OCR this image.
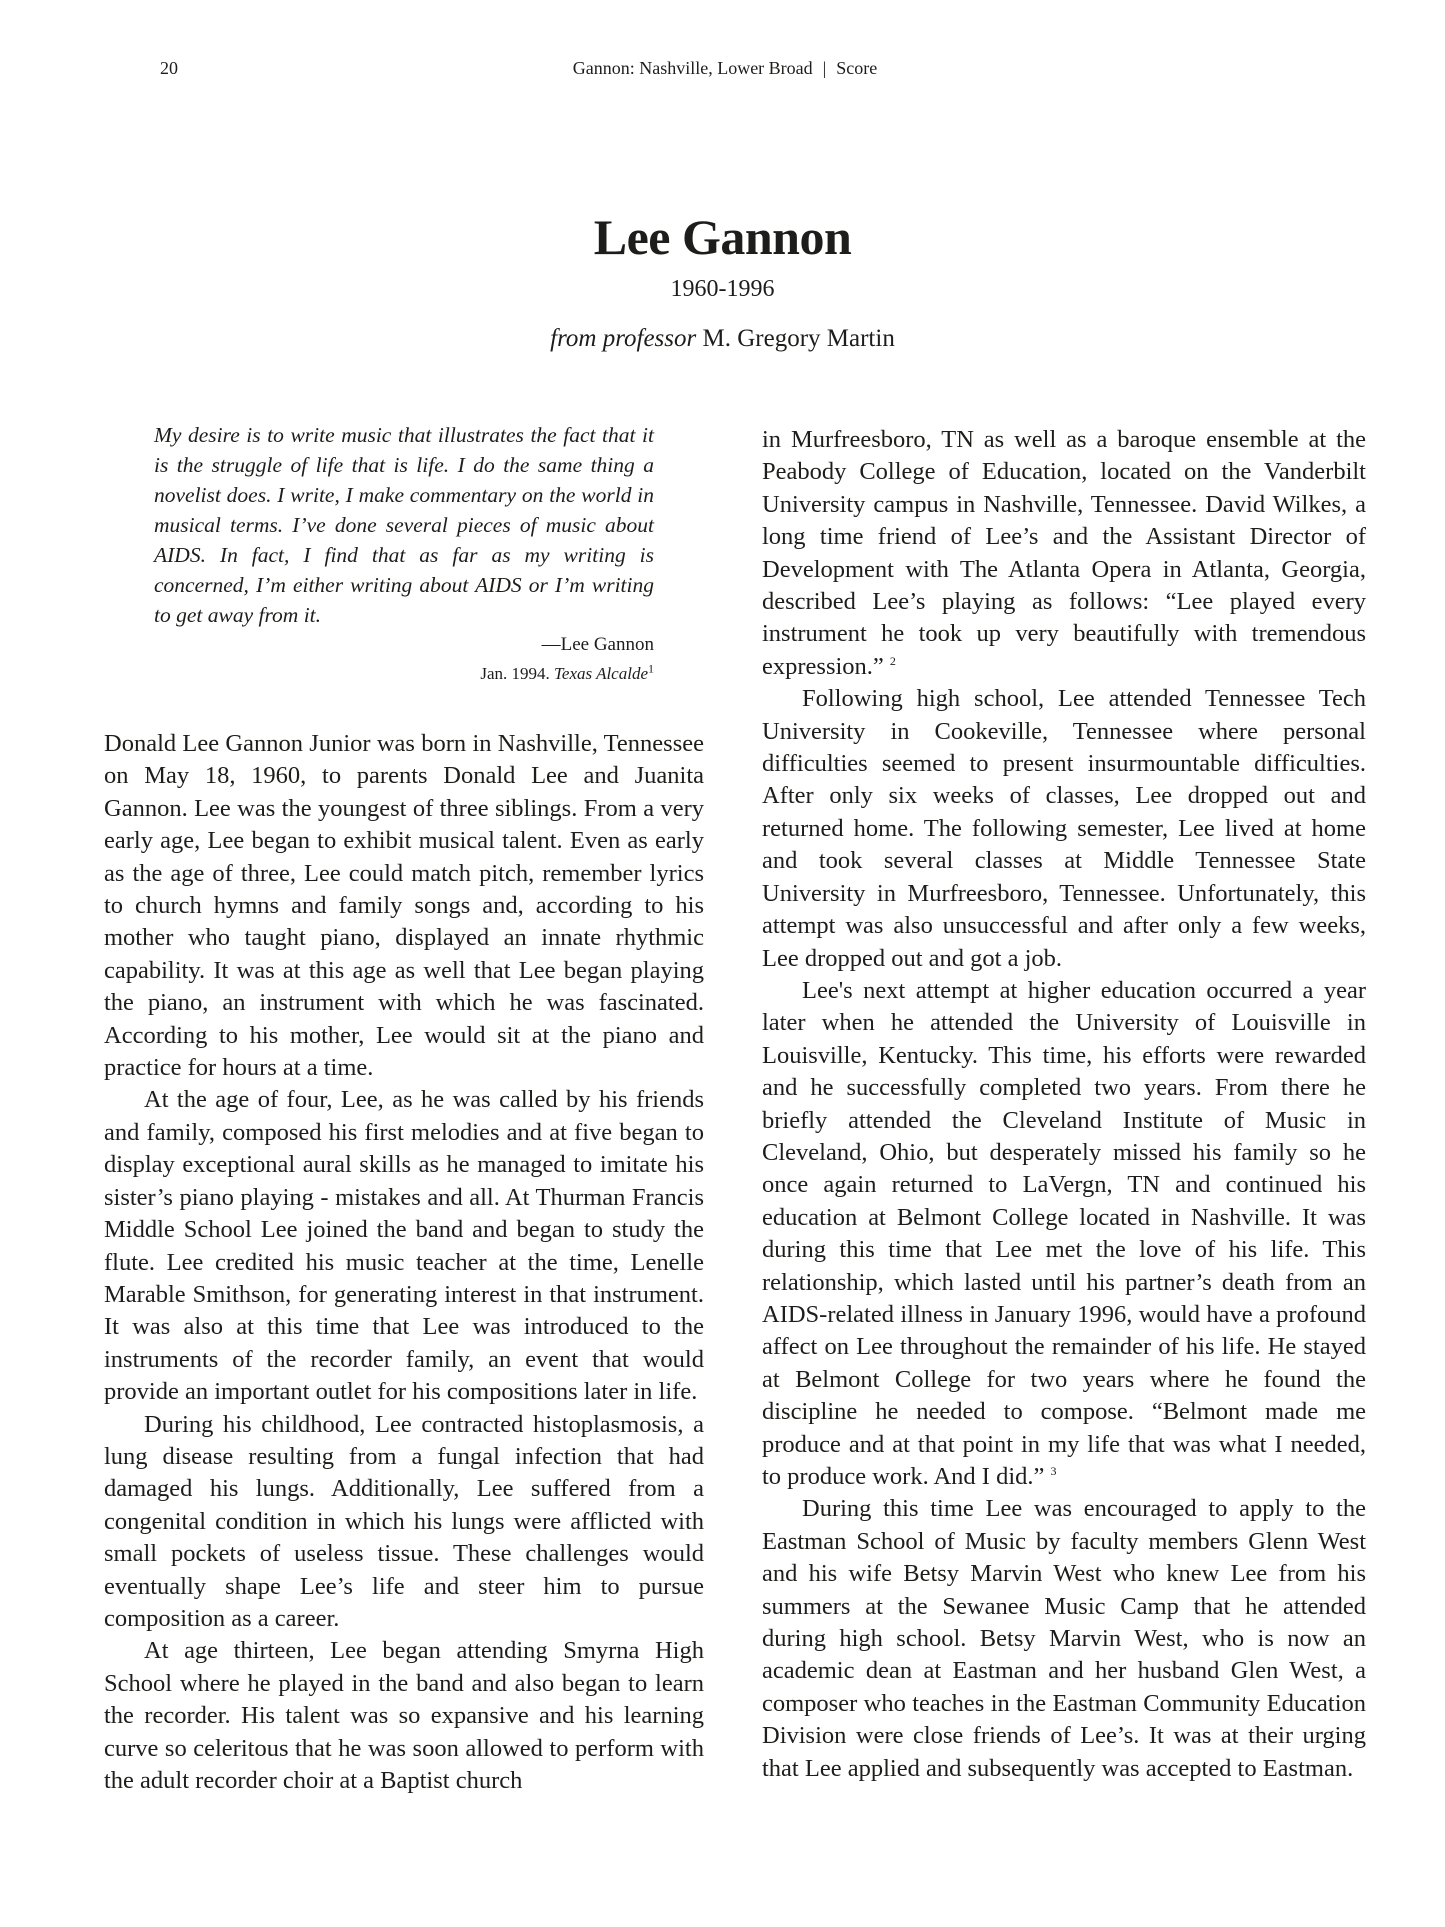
20	Gannon: Nashville, Lower Broad | Score
Lee Gannon
1960-1996
from professor M. Gregory Martin
My desire is to write music that illustrates the fact that it is the struggle of life that is life. I do the same thing a novelist does. I write, I make commentary on the world in musical terms. I’ve done several pieces of music about AIDS. In fact, I find that as far as my writing is concerned, I’m either writing about AIDS or I’m writing to get away from it.
—Lee Gannon
Jan. 1994. Texas Alcalde$^1$

Donald Lee Gannon Junior was born in Nashville, Tennessee on May 18, 1960, to parents Donald Lee and Juanita Gannon. Lee was the youngest of three siblings. From a very early age, Lee began to exhibit musical talent. Even as early as the age of three, Lee could match pitch, remember lyrics to church hymns and family songs and, according to his mother who taught piano, displayed an innate rhythmic capability. It was at this age as well that Lee began playing the piano, an instrument with which he was fascinated. According to his mother, Lee would sit at the piano and practice for hours at a time.

At the age of four, Lee, as he was called by his friends and family, composed his first melodies and at five began to display exceptional aural skills as he managed to imitate his sister’s piano playing - mistakes and all. At Thurman Francis Middle School Lee joined the band and began to study the flute. Lee credited his music teacher at the time, Lenelle Marable Smithson, for generating interest in that instrument. It was also at this time that Lee was introduced to the instruments of the recorder family, an event that would provide an important outlet for his compositions later in life.

During his childhood, Lee contracted histoplasmosis, a lung disease resulting from a fungal infection that had damaged his lungs. Additionally, Lee suffered from a congenital condition in which his lungs were afflicted with small pockets of useless tissue. These challenges would eventually shape Lee’s life and steer him to pursue composition as a career.

At age thirteen, Lee began attending Smyrna High School where he played in the band and also began to learn the recorder. His talent was so expansive and his learning curve so celeritous that he was soon allowed to perform with the adult recorder choir at a Baptist church

in Murfreesboro, TN as well as a baroque ensemble at the Peabody College of Education, located on the Vanderbilt University campus in Nashville, Tennessee. David Wilkes, a long time friend of Lee’s and the Assistant Director of Development with The Atlanta Opera in Atlanta, Georgia, described Lee’s playing as follows: “Lee played every instrument he took up very beautifully with tremendous expression.” $^2$

Following high school, Lee attended Tennessee Tech University in Cookeville, Tennessee where personal difficulties seemed to present insurmountable difficulties. After only six weeks of classes, Lee dropped out and returned home. The following semester, Lee lived at home and took several classes at Middle Tennessee State University in Murfreesboro, Tennessee. Unfortunately, this attempt was also unsuccessful and after only a few weeks, Lee dropped out and got a job.

Lee's next attempt at higher education occurred a year later when he attended the University of Louisville in Louisville, Kentucky. This time, his efforts were rewarded and he successfully completed two years. From there he briefly attended the Cleveland Institute of Music in Cleveland, Ohio, but desperately missed his family so he once again returned to LaVergn, TN and continued his education at Belmont College located in Nashville. It was during this time that Lee met the love of his life. This relationship, which lasted until his partner’s death from an AIDS-related illness in January 1996, would have a profound affect on Lee throughout the remainder of his life. He stayed at Belmont College for two years where he found the discipline he needed to compose. “Belmont made me produce and at that point in my life that was what I needed, to produce work. And I did.” $^3$

During this time Lee was encouraged to apply to the Eastman School of Music by faculty members Glenn West and his wife Betsy Marvin West who knew Lee from his summers at the Sewanee Music Camp that he attended during high school. Betsy Marvin West, who is now an academic dean at Eastman and her husband Glen West, a composer who teaches in the Eastman Community Education Division were close friends of Lee’s. It was at their urging that Lee applied and subsequently was accepted to Eastman.
